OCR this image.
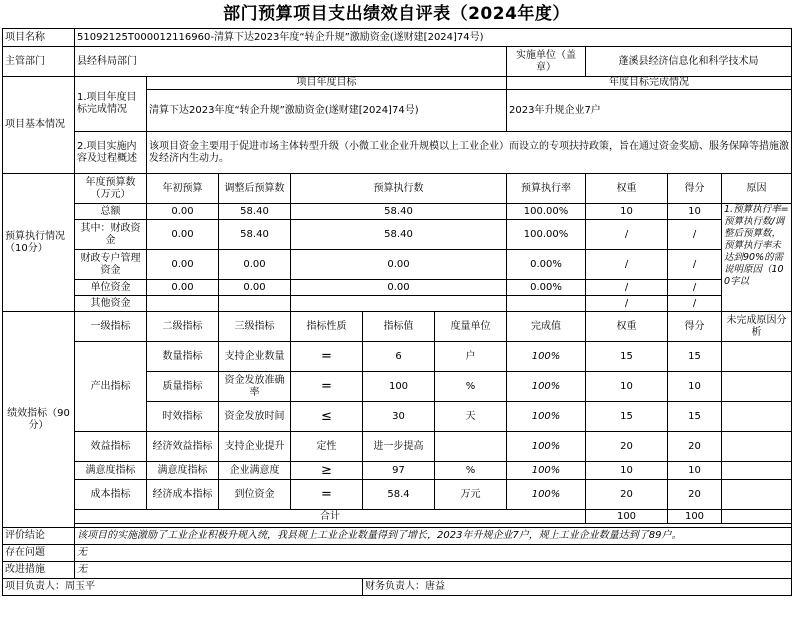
部门预算项目支出绩效自评表（2024年度）
项目名称	51092125T000012116960-清算下达2023年度“转企升规”激励资金(遂财建[2024]74号)									
主管部门	县经科局部门						实施单位（盖章）	蓬溪县经济信息化和科学技术局		
项目基本情况	1.项目年度目标完成情况	项目年度目标					年度目标完成情况			
		清算下达2023年度“转企升规”激励资金(遂财建[2024]74号)					2023年升规企业7户			
	2.项目实施内容及过程概述	该项目资金主要用于促进市场主体转型升级（小微工业企业升规模以上工业企业）而设立的专项扶持政策，旨在通过资金奖励、服务保障等措施激发经济内生动力。								
预算执行情况（10分）	年度预算数（万元）	年初预算	调整后预算数	预算执行数			预算执行率	权重	得分	原因
	总额	0.00	58.40	58.40			100.00%	10	10	1.预算执行率=预算执行数/调整后预算数，预算执行率未达到90%的需说明原因（100字以
	其中：财政资金	0.00	58.40	58.40			100.00%	/	/	
	财政专户管理资金	0.00	0.00	0.00			0.00%	/	/	
	单位资金	0.00	0.00	0.00			0.00%	/	/	
	其他资金							/	/	
绩效指标（90分）	一级指标	二级指标	三级指标	指标性质	指标值	度量单位	完成值	权重	得分	未完成原因分析
	产出指标	数量指标	支持企业数量	=	6	户	100%	15	15	
		质量指标	资金发放准确率	=	100	%	100%	10	10	
		时效指标	资金发放时间	≤	30	天	100%	15	15	
	效益指标	经济效益指标	支持企业提升	定性	进一步提高		100%	20	20	
	满意度指标	满意度指标	企业满意度	≥	97	%	100%	10	10	
	成本指标	经济成本指标	到位资金	=	58.4	万元	100%	20	20	
	合计							100	100	

评价结论	该项目的实施激励了工业企业积极升规入统，我县规上工业企业数量得到了增长，2023年升规企业7户，规上工业企业数量达到了89户。									
存在问题	无									
改进措施	无									
项目负责人：周玉平					财务负责人：唐益					
